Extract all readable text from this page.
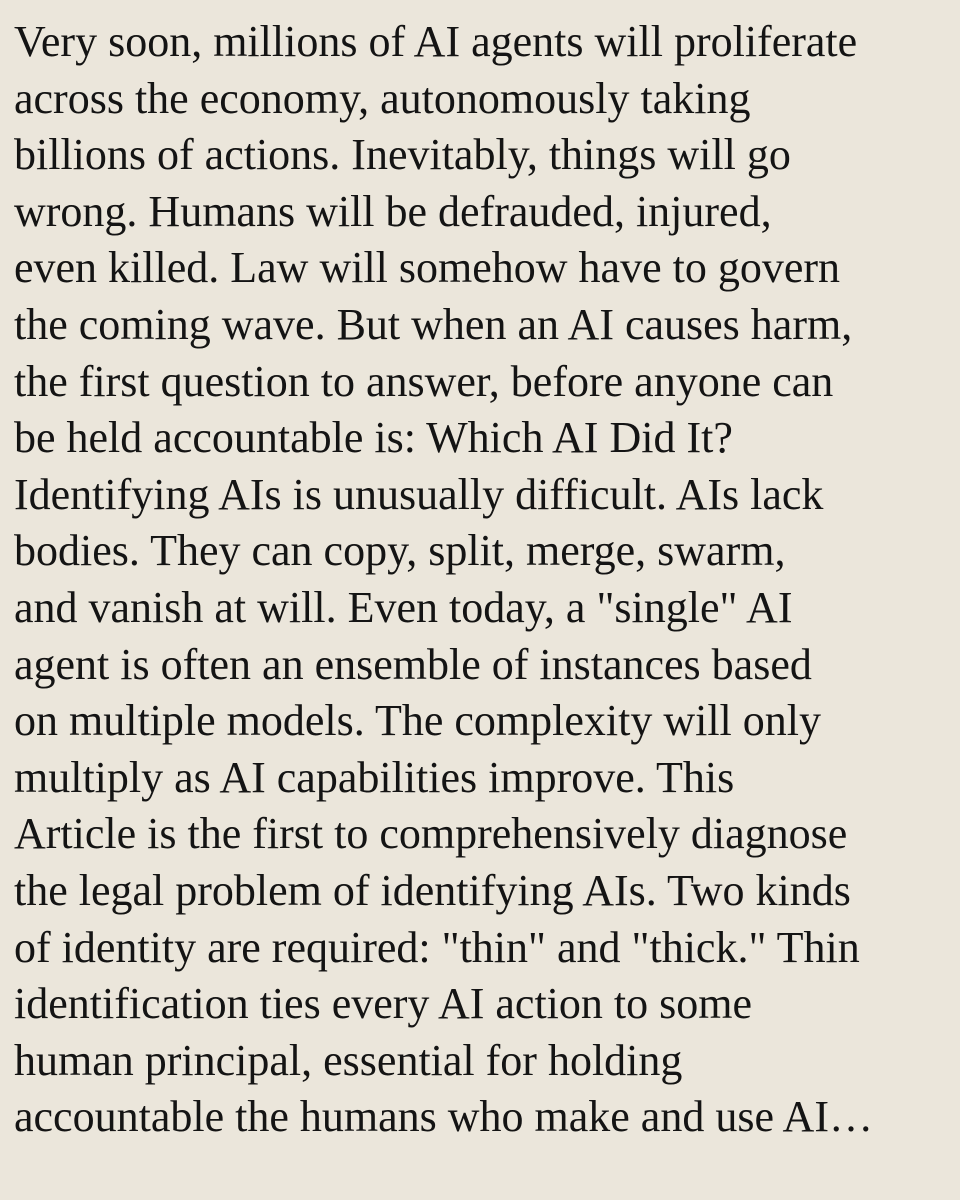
Very soon, millions of AI agents will proliferate
across the economy, autonomously taking
billions of actions. Inevitably, things will go
wrong. Humans will be defrauded, injured,
even killed. Law will somehow have to govern
the coming wave. But when an AI causes harm,
the first question to answer, before anyone can
be held accountable is: Which AI Did It?
Identifying AIs is unusually difficult. AIs lack
bodies. They can copy, split, merge, swarm,
and vanish at will. Even today, a "single" AI
agent is often an ensemble of instances based
on multiple models. The complexity will only
multiply as AI capabilities improve. This
Article is the first to comprehensively diagnose
the legal problem of identifying AIs. Two kinds
of identity are required: "thin" and "thick." Thin
identification ties every AI action to some
human principal, essential for holding
accountable the humans who make and use AI…
